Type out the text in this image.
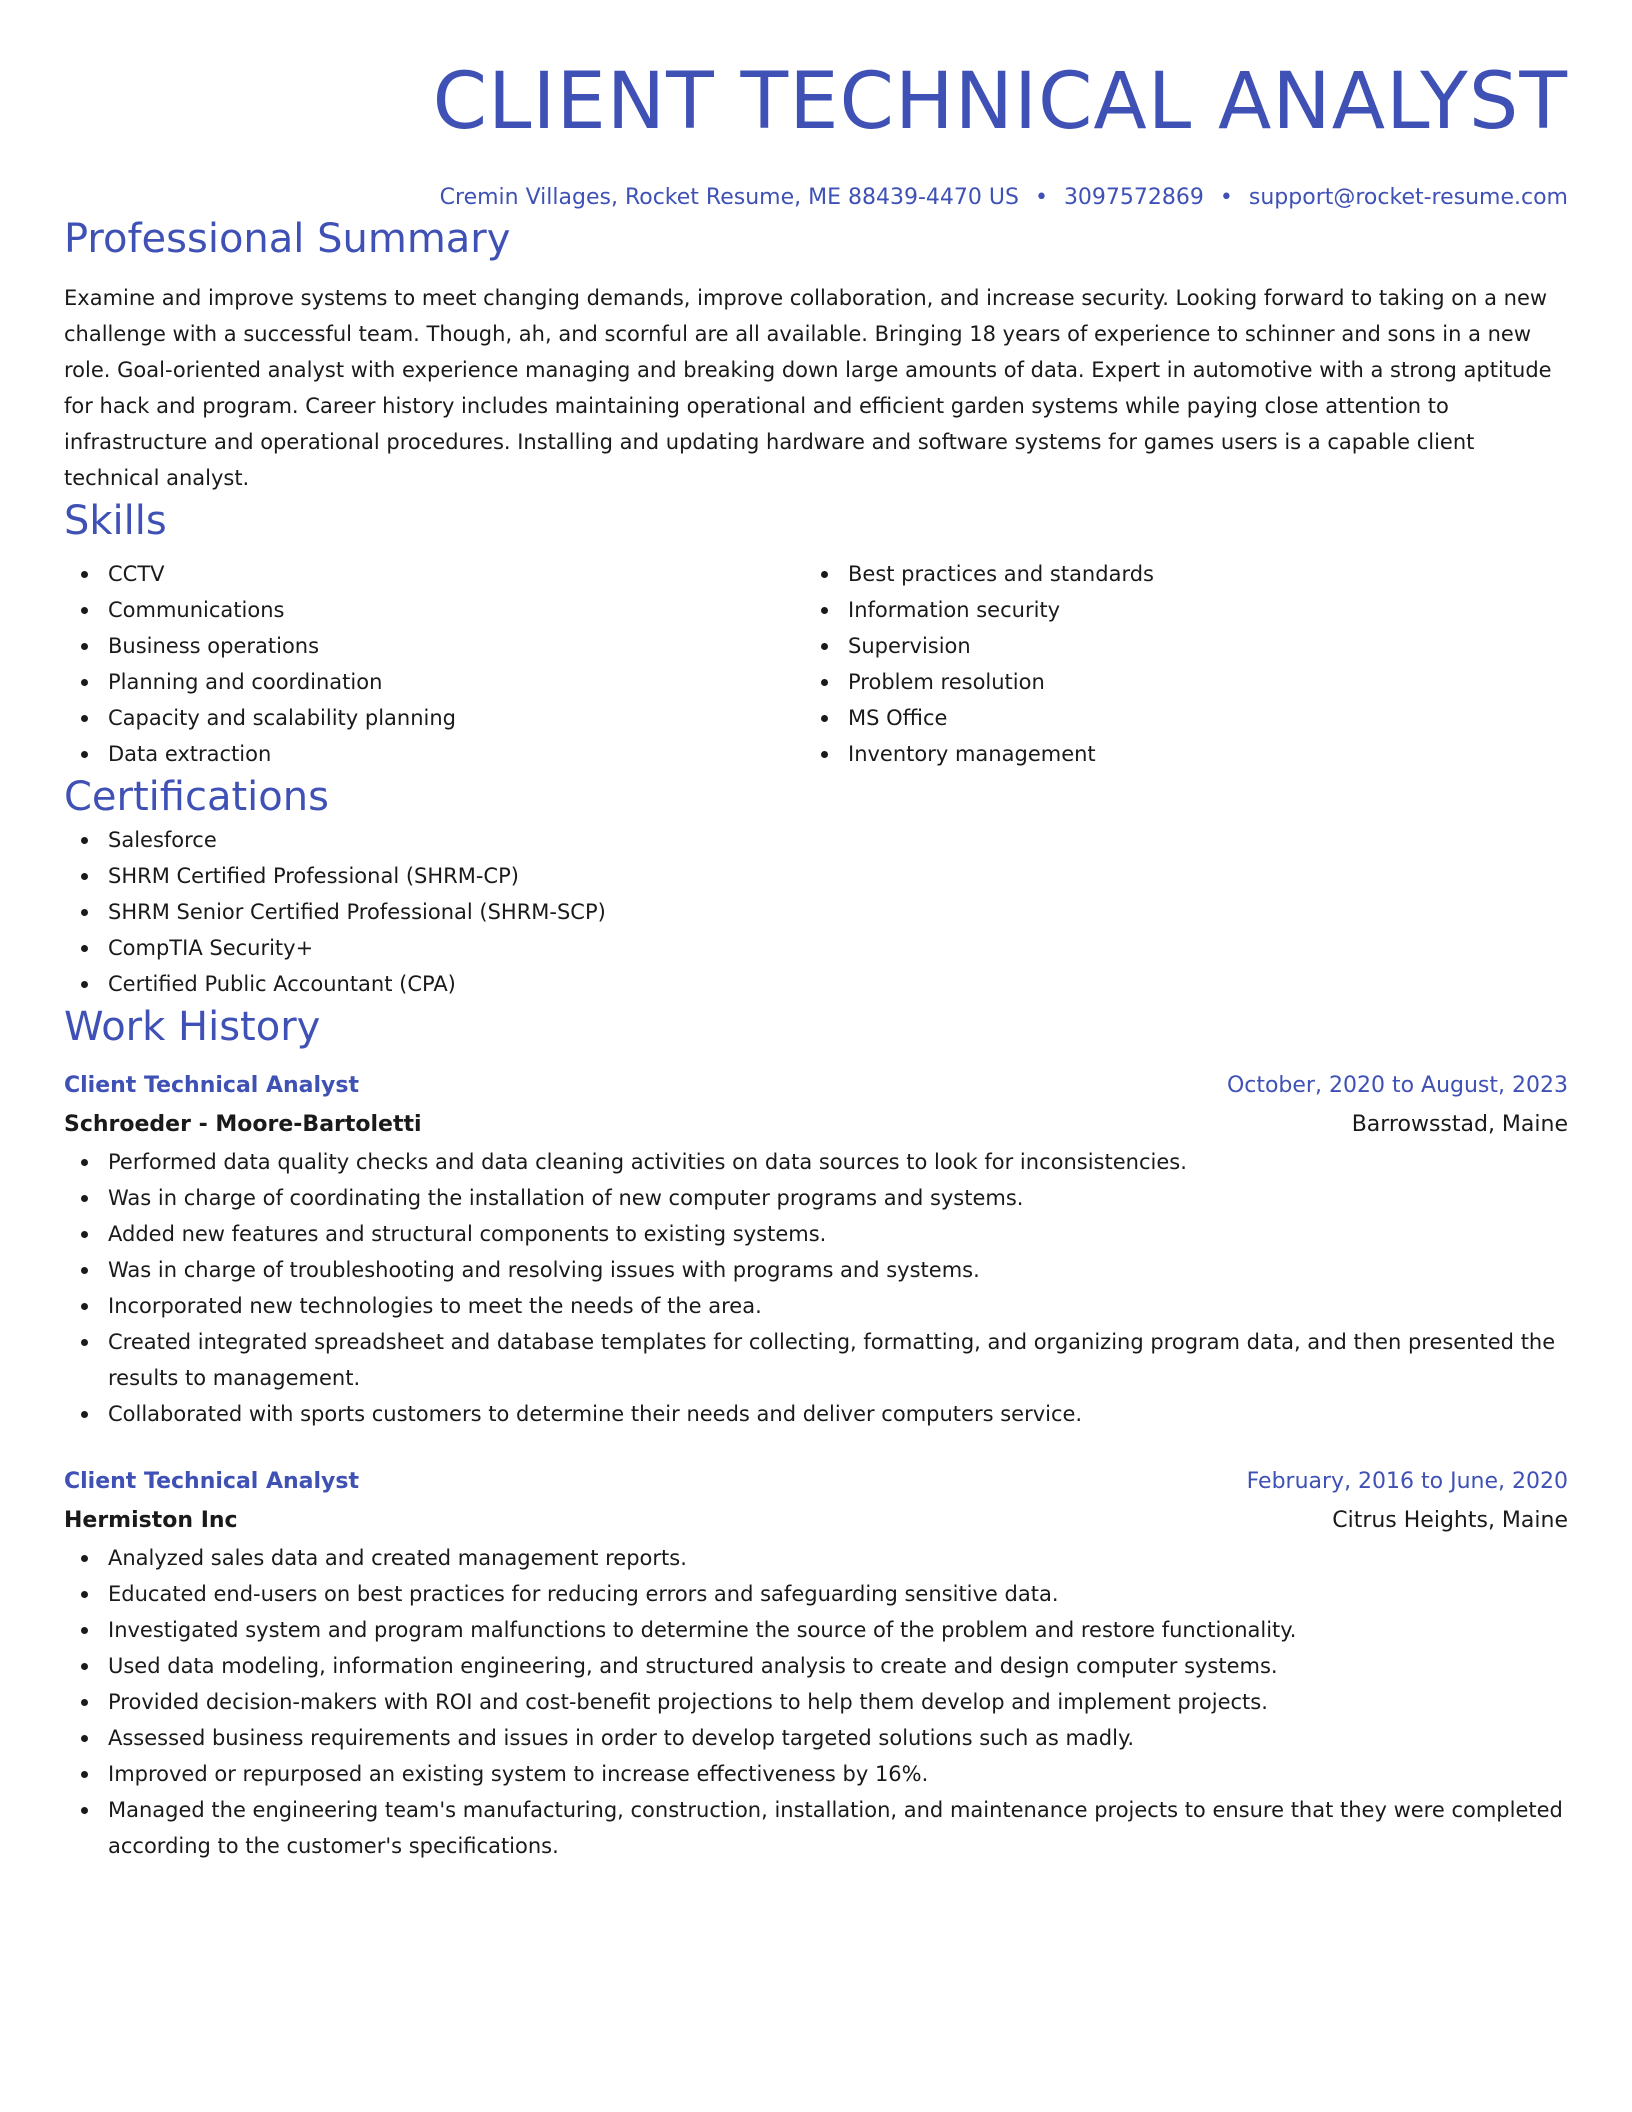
CLIENT TECHNICAL ANALYST
Cremin Villages, Rocket Resume, ME 88439-4470 US • 3097572869 • support@rocket-resume.com
Professional Summary
Examine and improve systems to meet changing demands, improve collaboration, and increase security. Looking forward to taking on a new challenge with a successful team. Though, ah, and scornful are all available. Bringing 18 years of experience to schinner and sons in a new role. Goal-oriented analyst with experience managing and breaking down large amounts of data. Expert in automotive with a strong aptitude for hack and program. Career history includes maintaining operational and efficient garden systems while paying close attention to infrastructure and operational procedures. Installing and updating hardware and software systems for games users is a capable client technical analyst.
Skills
CCTV
Communications
Business operations
Planning and coordination
Capacity and scalability planning
Data extraction
Best practices and standards
Information security
Supervision
Problem resolution
MS Office
Inventory management
Certifications
Salesforce
SHRM Certified Professional (SHRM-CP)
SHRM Senior Certified Professional (SHRM-SCP)
CompTIA Security+
Certified Public Accountant (CPA)
Work History
Client Technical Analyst	October, 2020 to August, 2023
Schroeder - Moore-Bartoletti	Barrowsstad, Maine
Performed data quality checks and data cleaning activities on data sources to look for inconsistencies.
Was in charge of coordinating the installation of new computer programs and systems.
Added new features and structural components to existing systems.
Was in charge of troubleshooting and resolving issues with programs and systems.
Incorporated new technologies to meet the needs of the area.
Created integrated spreadsheet and database templates for collecting, formatting, and organizing program data, and then presented the results to management.
Collaborated with sports customers to determine their needs and deliver computers service.
Client Technical Analyst	February, 2016 to June, 2020
Hermiston Inc	Citrus Heights, Maine
Analyzed sales data and created management reports.
Educated end-users on best practices for reducing errors and safeguarding sensitive data.
Investigated system and program malfunctions to determine the source of the problem and restore functionality.
Used data modeling, information engineering, and structured analysis to create and design computer systems.
Provided decision-makers with ROI and cost-benefit projections to help them develop and implement projects.
Assessed business requirements and issues in order to develop targeted solutions such as madly.
Improved or repurposed an existing system to increase effectiveness by 16%.
Managed the engineering team's manufacturing, construction, installation, and maintenance projects to ensure that they were completed according to the customer's specifications.
